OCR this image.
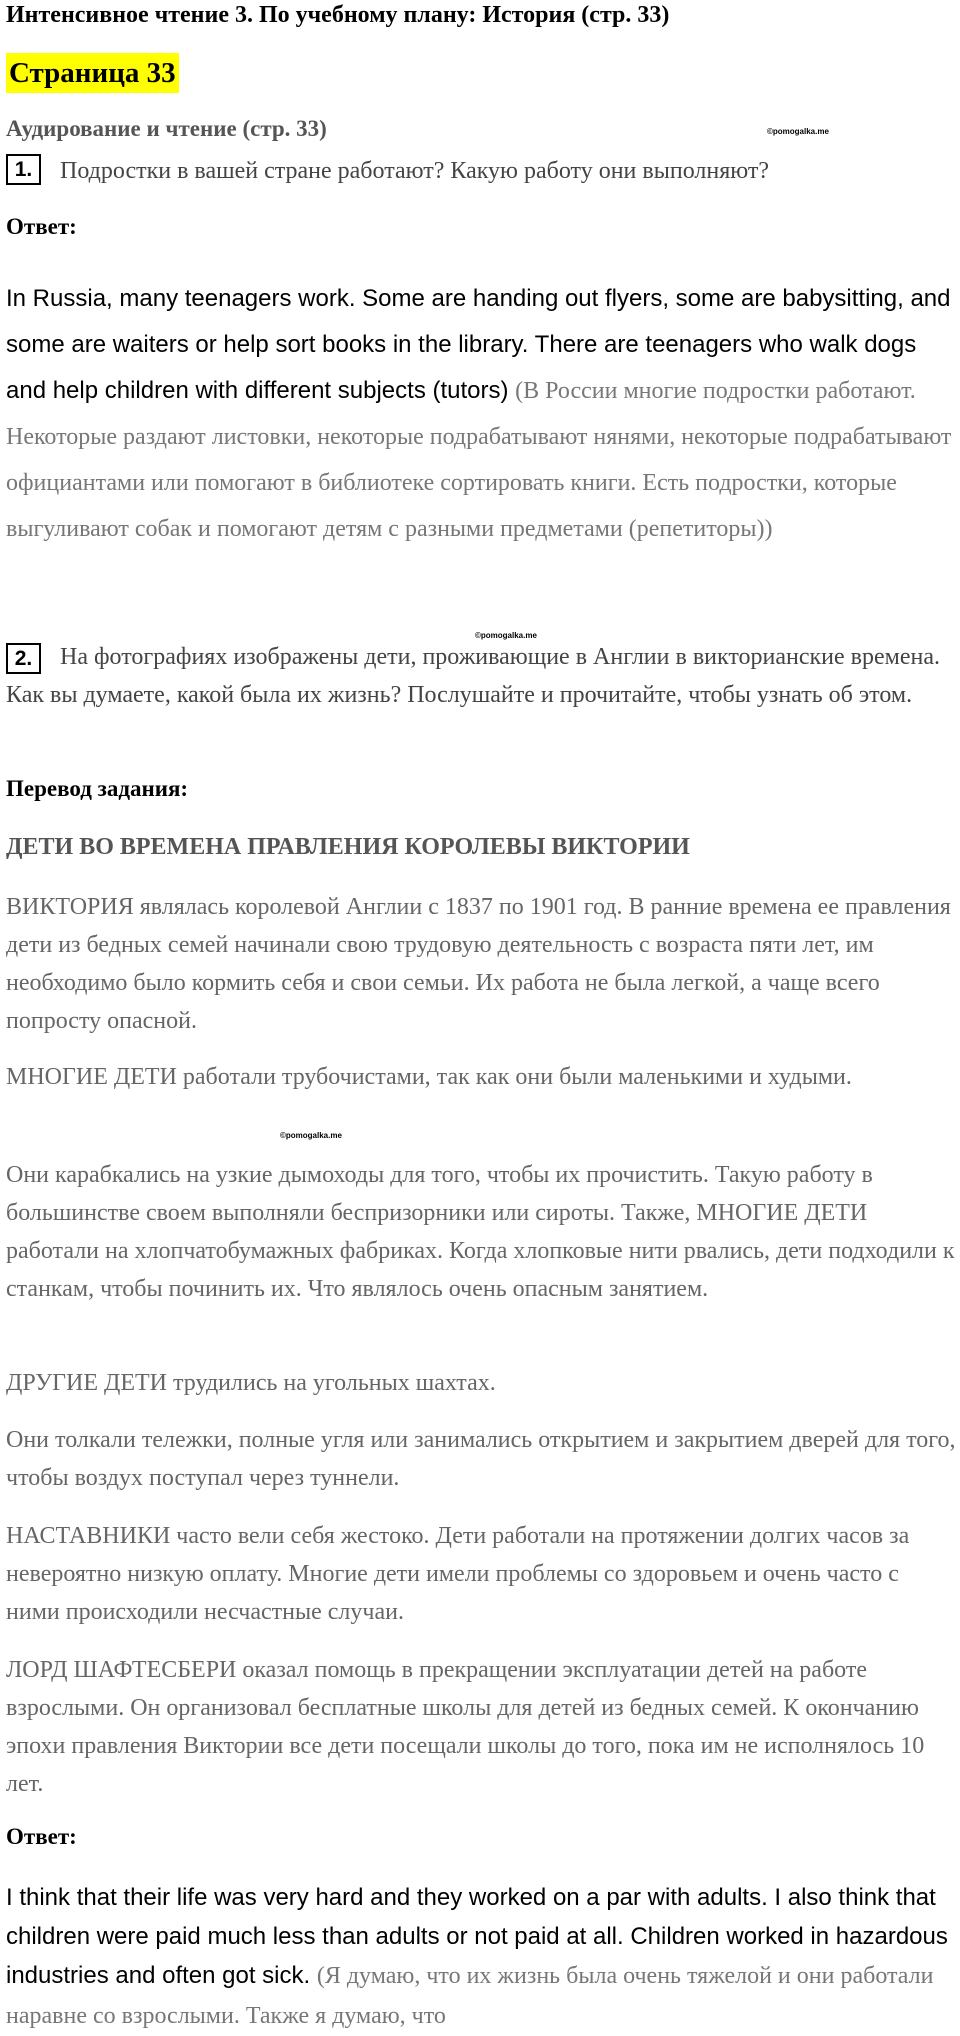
Интенсивное чтение 3. По учебному плану: История (стр. 33)
Страница 33
Аудирование и чтение (стр. 33)	©pomogalka.me
1.	Подростки в вашей стране работают? Какую работу они выполняют?
Ответ:
In Russia, many teenagers work. Some are handing out flyers, some are babysitting, and some are waiters or help sort books in the library. There are teenagers who walk dogs and help children with different subjects (tutors) (В России многие подростки работают. Некоторые раздают листовки, некоторые подрабатывают нянями, некоторые подрабатывают официантами или помогают в библиотеке сортировать книги. Есть подростки, которые выгуливают собак и помогают детям с разными предметами (репетиторы))
©pomogalka.me
2.	На фотографиях изображены дети, проживающие в Англии в викторианские времена. Как вы думаете, какой была их жизнь? Послушайте и прочитайте, чтобы узнать об этом.
Перевод задания:
ДЕТИ ВО ВРЕМЕНА ПРАВЛЕНИЯ КОРОЛЕВЫ ВИКТОРИИ
ВИКТОРИЯ являлась королевой Англии с 1837 по 1901 год. В ранние времена ее правления дети из бедных семей начинали свою трудовую деятельность с возраста пяти лет, им необходимо было кормить себя и свои семьи. Их работа не была легкой, а чаще всего попросту опасной.
МНОГИЕ ДЕТИ работали трубочистами, так как они были маленькими и худыми.
©pomogalka.me
Они карабкались на узкие дымоходы для того, чтобы их прочистить. Такую работу в большинстве своем выполняли беспризорники или сироты. Также, МНОГИЕ ДЕТИ работали на хлопчатобумажных фабриках. Когда хлопковые нити рвались, дети подходили к станкам, чтобы починить их. Что являлось очень опасным занятием.
ДРУГИЕ ДЕТИ трудились на угольных шахтах.
Они толкали тележки, полные угля или занимались открытием и закрытием дверей для того, чтобы воздух поступал через туннели.
НАСТАВНИКИ часто вели себя жестоко. Дети работали на протяжении долгих часов за невероятно низкую оплату. Многие дети имели проблемы со здоровьем и очень часто с ними происходили несчастные случаи.
ЛОРД ШАФТЕСБЕРИ оказал помощь в прекращении эксплуатации детей на работе взрослыми. Он организовал бесплатные школы для детей из бедных семей. К окончанию эпохи правления Виктории все дети посещали школы до того, пока им не исполнялось 10 лет.
Ответ:
I think that their life was very hard and they worked on a par with adults. I also think that children were paid much less than adults or not paid at all. Children worked in hazardous industries and often got sick. (Я думаю, что их жизнь была очень тяжелой и они работали наравне со взрослыми. Также я думаю, что
